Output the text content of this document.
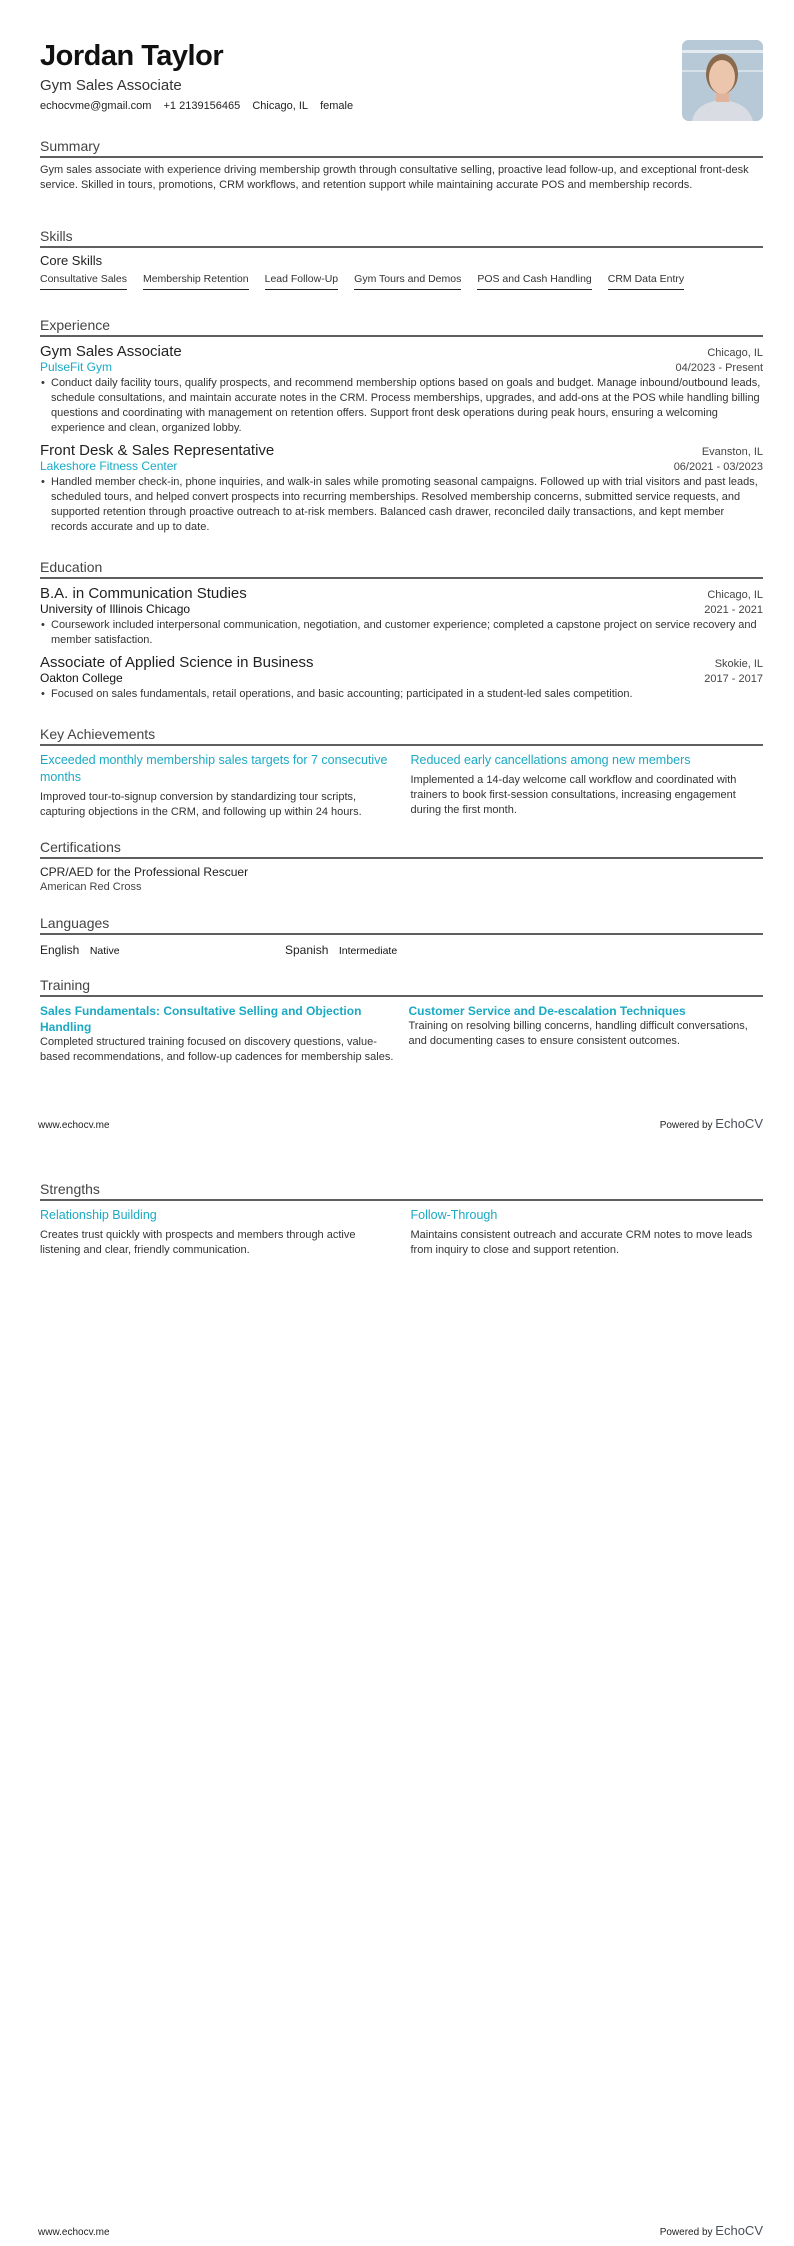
Jordan Taylor
Gym Sales Associate
echocvme@gmail.com +1 2139156465 Chicago, IL female
Summary
Gym sales associate with experience driving membership growth through consultative selling, proactive lead follow-up, and exceptional front-desk service. Skilled in tours, promotions, CRM workflows, and retention support while maintaining accurate POS and membership records.
Skills
Core Skills
Consultative Sales Membership Retention Lead Follow-Up Gym Tours and Demos POS and Cash Handling CRM Data Entry
Experience
Gym Sales Associate	Chicago, IL
PulseFit Gym	04/2023 - Present
• Conduct daily facility tours, qualify prospects, and recommend membership options based on goals and budget. Manage inbound/outbound leads, schedule consultations, and maintain accurate notes in the CRM. Process memberships, upgrades, and add-ons at the POS while handling billing questions and coordinating with management on retention offers. Support front desk operations during peak hours, ensuring a welcoming experience and clean, organized lobby.
Front Desk & Sales Representative	Evanston, IL
Lakeshore Fitness Center	06/2021 - 03/2023
• Handled member check-in, phone inquiries, and walk-in sales while promoting seasonal campaigns. Followed up with trial visitors and past leads, scheduled tours, and helped convert prospects into recurring memberships. Resolved membership concerns, submitted service requests, and supported retention through proactive outreach to at-risk members. Balanced cash drawer, reconciled daily transactions, and kept member records accurate and up to date.
Education
B.A. in Communication Studies	Chicago, IL
University of Illinois Chicago	2021 - 2021
• Coursework included interpersonal communication, negotiation, and customer experience; completed a capstone project on service recovery and member satisfaction.
Associate of Applied Science in Business	Skokie, IL
Oakton College	2017 - 2017
• Focused on sales fundamentals, retail operations, and basic accounting; participated in a student-led sales competition.
Key Achievements
Exceeded monthly membership sales targets for 7 consecutive months
Improved tour-to-signup conversion by standardizing tour scripts, capturing objections in the CRM, and following up within 24 hours.
Reduced early cancellations among new members
Implemented a 14-day welcome call workflow and coordinated with trainers to book first-session consultations, increasing engagement during the first month.
Certifications
CPR/AED for the Professional Rescuer
American Red Cross
Languages
English Native	Spanish Intermediate
Training
Sales Fundamentals: Consultative Selling and Objection Handling
Completed structured training focused on discovery questions, value-based recommendations, and follow-up cadences for membership sales.
Customer Service and De-escalation Techniques
Training on resolving billing concerns, handling difficult conversations, and documenting cases to ensure consistent outcomes.
www.echocv.me	Powered by EchoCV
Strengths
Relationship Building
Creates trust quickly with prospects and members through active listening and clear, friendly communication.
Follow-Through
Maintains consistent outreach and accurate CRM notes to move leads from inquiry to close and support retention.
www.echocv.me	Powered by EchoCV
